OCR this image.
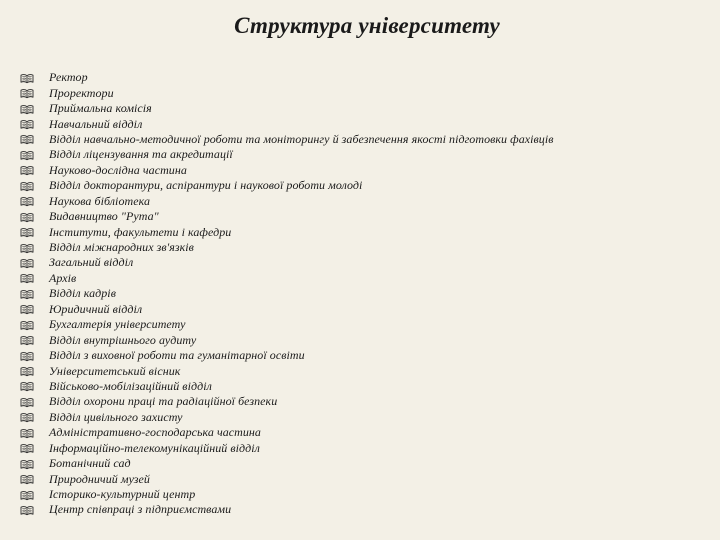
Структура університету
Ректор
Проректори
Приймальна комісія
Навчальний відділ
Відділ навчально-методичної роботи та моніторингу й забезпечення якості підготовки фахівців
Відділ ліцензування та акредитації
Науково-дослідна частина
Відділ докторантури, аспірантури і наукової роботи молоді
Наукова бібліотека
Видавництво "Рута"
Інститути, факультети і кафедри
Відділ міжнародних зв'язків
Загальний відділ
Архів
Відділ кадрів
Юридичний відділ
Бухгалтерія університету
Відділ внутрішнього аудиту
Відділ з виховної роботи та гуманітарної освіти
Університетський вісник
Військово-мобілізаційний відділ
Відділ охорони праці та радіаційної безпеки
Відділ цивільного захисту
Адміністративно-господарська частина
Інформаційно-телекомунікаційний відділ
Ботанічний сад
Природничий музей
Історико-культурний центр
Центр співпраці з підприємствами
